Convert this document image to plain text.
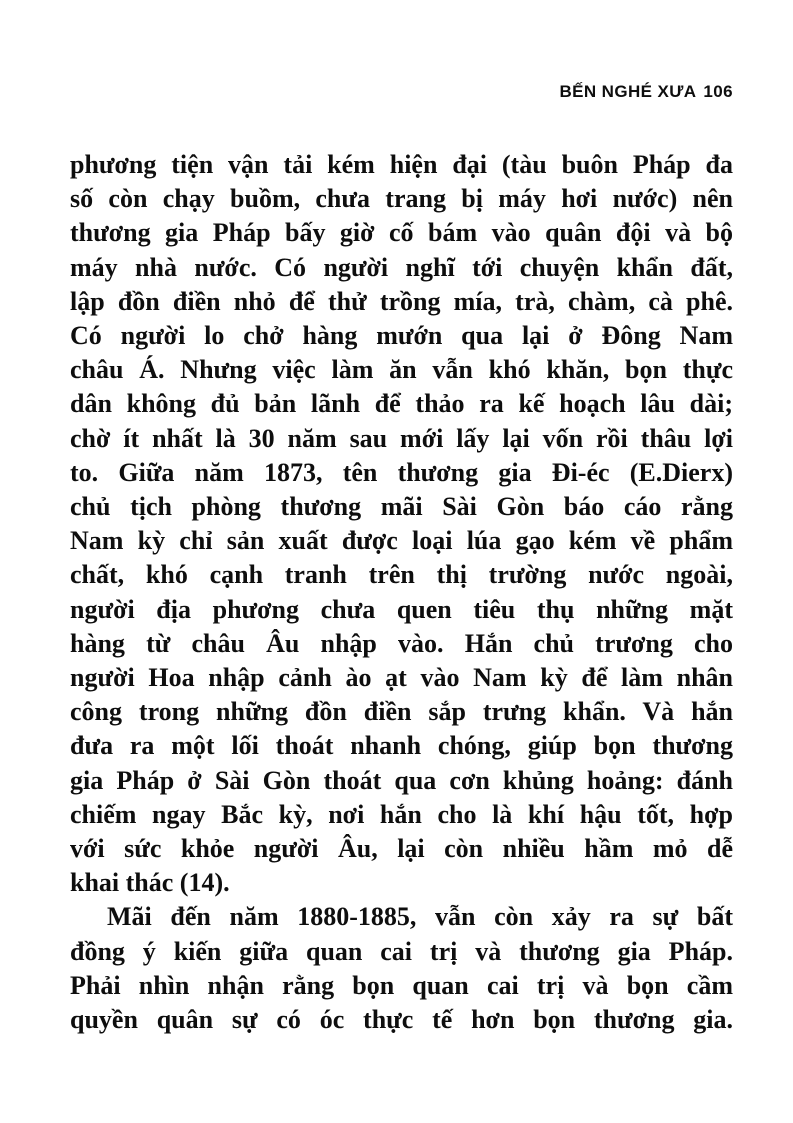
BẾN NGHÉ XƯA 106
phương tiện vận tải kém hiện đại (tàu buôn Pháp đa
số còn chạy buồm, chưa trang bị máy hơi nước) nên
thương gia Pháp bấy giờ cố bám vào quân đội và bộ
máy nhà nước. Có người nghĩ tới chuyện khẩn đất,
lập đồn điền nhỏ để thử trồng mía, trà, chàm, cà phê.
Có người lo chở hàng mướn qua lại ở Đông Nam
châu Á. Nhưng việc làm ăn vẫn khó khăn, bọn thực
dân không đủ bản lãnh để thảo ra kế hoạch lâu dài;
chờ ít nhất là 30 năm sau mới lấy lại vốn rồi thâu lợi
to. Giữa năm 1873, tên thương gia Đi-éc (E.Dierx)
chủ tịch phòng thương mãi Sài Gòn báo cáo rằng
Nam kỳ chỉ sản xuất được loại lúa gạo kém về phẩm
chất, khó cạnh tranh trên thị trường nước ngoài,
người địa phương chưa quen tiêu thụ những mặt
hàng từ châu Âu nhập vào. Hắn chủ trương cho
người Hoa nhập cảnh ào ạt vào Nam kỳ để làm nhân
công trong những đồn điền sắp trưng khẩn. Và hắn
đưa ra một lối thoát nhanh chóng, giúp bọn thương
gia Pháp ở Sài Gòn thoát qua cơn khủng hoảng: đánh
chiếm ngay Bắc kỳ, nơi hắn cho là khí hậu tốt, hợp
với sức khỏe người Âu, lại còn nhiều hầm mỏ dễ
khai thác (14).
Mãi đến năm 1880-1885, vẫn còn xảy ra sự bất
đồng ý kiến giữa quan cai trị và thương gia Pháp.
Phải nhìn nhận rằng bọn quan cai trị và bọn cầm
quyền quân sự có óc thực tế hơn bọn thương gia.
